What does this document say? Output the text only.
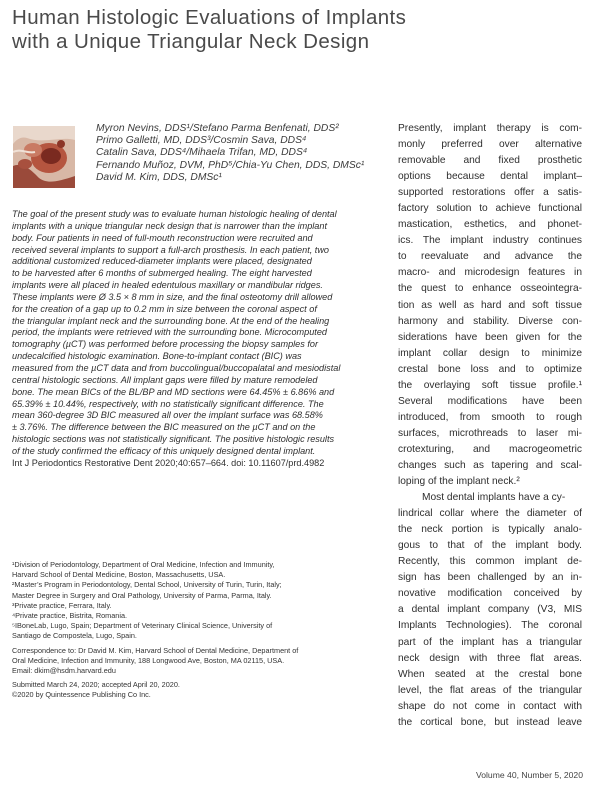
Human Histologic Evaluations of Implants
with a Unique Triangular Neck Design
Myron Nevins, DDS¹/Stefano Parma Benfenati, DDS²
Primo Galletti, MD, DDS³/Cosmin Sava, DDS⁴
Catalin Sava, DDS⁴/Mihaela Trifan, MD, DDS⁴
Fernando Muñoz, DVM, PhD⁵/Chia-Yu Chen, DDS, DMSc¹
David M. Kim, DDS, DMSc¹
The goal of the present study was to evaluate human histologic healing of dental
implants with a unique triangular neck design that is narrower than the implant
body. Four patients in need of full-mouth reconstruction were recruited and
received several implants to support a full-arch prosthesis. In each patient, two
additional customized reduced-diameter implants were placed, designated
to be harvested after 6 months of submerged healing. The eight harvested
implants were all placed in healed edentulous maxillary or mandibular ridges.
These implants were Ø 3.5 × 8 mm in size, and the final osteotomy drill allowed
for the creation of a gap up to 0.2 mm in size between the coronal aspect of
the triangular implant neck and the surrounding bone. At the end of the healing
period, the implants were retrieved with the surrounding bone. Microcomputed
tomography (µCT) was performed before processing the biopsy samples for
undecalcified histologic examination. Bone-to-implant contact (BIC) was
measured from the µCT data and from buccolingual/buccopalatal and mesiodistal
central histologic sections. All implant gaps were filled by mature remodeled
bone. The mean BICs of the BL/BP and MD sections were 64.45% ± 6.86% and
65.39% ± 10.44%, respectively, with no statistically significant difference. The
mean 360-degree 3D BIC measured all over the implant surface was 68.58%
± 3.76%. The difference between the BIC measured on the µCT and on the
histologic sections was not statistically significant. The positive histologic results
of the study confirmed the efficacy of this uniquely designed dental implant.
Int J Periodontics Restorative Dent 2020;40:657–664. doi: 10.11607/prd.4982
¹Division of Periodontology, Department of Oral Medicine, Infection and Immunity,
Harvard School of Dental Medicine, Boston, Massachusetts, USA.
²Master’s Program in Periodontology, Dental School, University of Turin, Turin, Italy;
Master Degree in Surgery and Oral Pathology, University of Parma, Parma, Italy.
³Private practice, Ferrara, Italy.
⁴Private practice, Bistrita, Romania.
⁵IBoneLab, Lugo, Spain; Department of Veterinary Clinical Science, University of
Santiago de Compostela, Lugo, Spain.
Correspondence to: Dr David M. Kim, Harvard School of Dental Medicine, Department of
Oral Medicine, Infection and Immunity, 188 Longwood Ave, Boston, MA 02115, USA.
Email: dkim@hsdm.harvard.edu
Submitted March 24, 2020; accepted April 20, 2020.
©2020 by Quintessence Publishing Co Inc.
Presently, implant therapy is com-
monly preferred over alternative
removable and fixed prosthetic
options because dental implant–
supported restorations offer a satis-
factory solution to achieve functional
mastication, esthetics, and phonet-
ics. The implant industry continues
to reevaluate and advance the
macro- and microdesign features in
the quest to enhance osseointegra-
tion as well as hard and soft tissue
harmony and stability. Diverse con-
siderations have been given for the
implant collar design to minimize
crestal bone loss and to optimize
the overlaying soft tissue profile.¹
Several modifications have been
introduced, from smooth to rough
surfaces, microthreads to laser mi-
crotexturing, and macrogeometric
changes such as tapering and scal-
loping of the implant neck.²
Most dental implants have a cy-
lindrical collar where the diameter of
the neck portion is typically analo-
gous to that of the implant body.
Recently, this common implant de-
sign has been challenged by an in-
novative modification conceived by
a dental implant company (V3, MIS
Implants Technologies). The coronal
part of the implant has a triangular
neck design with three flat areas.
When seated at the crestal bone
level, the flat areas of the triangular
shape do not come in contact with
the cortical bone, but instead leave
Volume 40, Number 5, 2020
